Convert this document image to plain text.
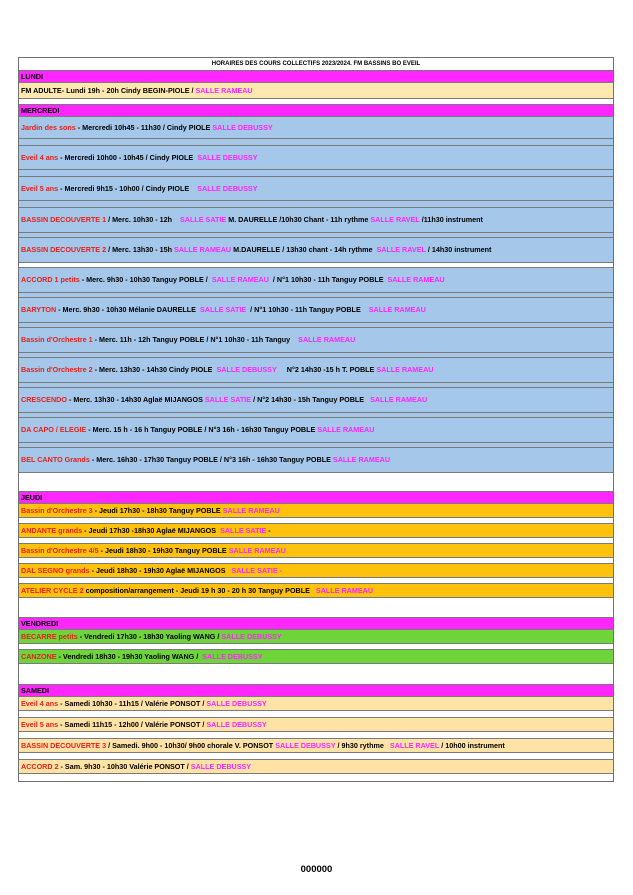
HORAIRES DES COURS COLLECTIFS 2023/2024. FM BASSINS BO EVEIL
LUNDI
FM ADULTE - Lundi 19h - 20h Cindy BEGIN-PIOLE /
SALLE RAMEAU
MERCREDI
Jardin des sons
- Mercredi 10h45 - 11h30 / Cindy PIOLE
SALLE DEBUSSY
Eveil 4 ans
- Mercredi 10h00 - 10h45 / Cindy PIOLE
SALLE DEBUSSY
Eveil 5 ans
- Mercredi 9h15 - 10h00 / Cindy PIOLE
SALLE DEBUSSY
BASSIN DECOUVERTE 1
/ Merc. 10h30 - 12h
SALLE SATIE
M. DAURELLE /10h30 Chant - 11h rythme
SALLE RAVEL
/11h30 instrument
BASSIN DECOUVERTE 2
/ Merc. 13h30 - 15h
SALLE RAMEAU
M.DAURELLE / 13h30 chant - 14h rythme
SALLE RAVEL
/ 14h30 instrument
ACCORD 1 petits
- Merc. 9h30 - 10h30 Tanguy POBLE /
SALLE RAMEAU
/ N°1 10h30 - 11h Tanguy POBLE
SALLE RAMEAU
BARYTON
- Merc. 9h30 - 10h30 Mélanie DAURELLE
SALLE SATIE
/ N°1 10h30 - 11h Tanguy POBLE
SALLE RAMEAU
Bassin d'Orchestre 1
- Merc. 11h - 12h Tanguy POBLE / N°1 10h30 - 11h Tanguy
SALLE RAMEAU
Bassin d'Orchestre 2
- Merc. 13h30 - 14h30 Cindy PIOLE
SALLE DEBUSSY
N°2 14h30 -15 h T. POBLE
SALLE RAMEAU
CRESCENDO
- Merc. 13h30 - 14h30 Aglaë MIJANGOS
SALLE SATIE
/ N°2 14h30 - 15h Tanguy POBLE
SALLE RAMEAU
DA CAPO / ELEGIE
- Merc. 15 h - 16 h Tanguy POBLE / N°3 16h - 16h30 Tanguy POBLE
SALLE RAMEAU
BEL CANTO Grands
- Merc. 16h30 - 17h30 Tanguy POBLE / N°3 16h - 16h30 Tanguy POBLE
SALLE RAMEAU
JEUDI
Bassin d'Orchestre 3
- Jeudi 17h30 - 18h30 Tanguy POBLE
SALLE RAMEAU
ANDANTE grands
- Jeudi 17h30 -18h30 Aglaë MIJANGOS
SALLE SATIE
-
Bassin d'Orchestre 4/5
- Jeudi 18h30 - 19h30 Tanguy POBLE
SALLE RAMEAU
DAL SEGNO grands
- Jeudi 18h30 - 19h30 Aglaë MIJANGOS
SALLE SATIE -
ATELIER CYCLE 2
composition/arrangement - Jeudi 19 h 30 - 20 h 30 Tanguy POBLE
SALLE RAMEAU
VENDREDI
BECARRE petits
- Vendredi 17h30 - 18h30 Yaoling WANG /
SALLE DEBUSSY
CANZONE
- Vendredi 18h30 - 19h30 Yaoling WANG /
SALLE DEBUSSY
SAMEDI
Eveil 4 ans
- Samedi 10h30 - 11h15 / Valérie PONSOT /
SALLE DEBUSSY
Eveil 5 ans
- Samedi 11h15 - 12h00 / Valérie PONSOT /
SALLE DEBUSSY
BASSIN DECOUVERTE 3
/ Samedi. 9h00 - 10h30/ 9h00 chorale V. PONSOT
SALLE DEBUSSY
/ 9h30 rythme
SALLE RAVEL
/ 10h00 instrument
ACCORD 2
- Sam. 9h30 - 10h30 Valérie PONSOT /
SALLE DEBUSSY
000000
